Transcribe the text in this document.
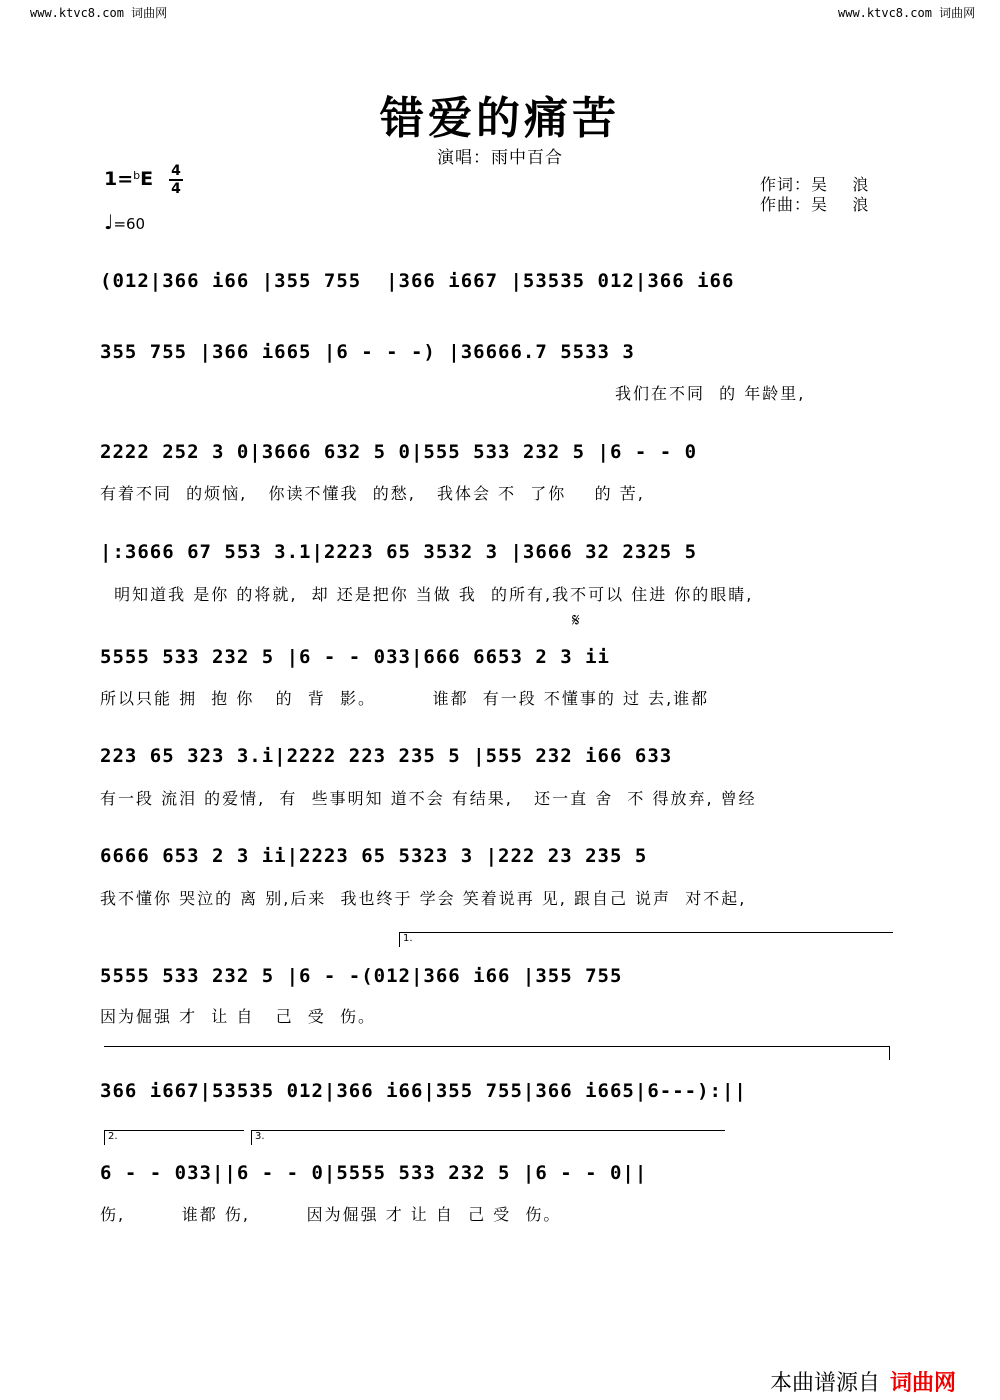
www.ktvc8.com 词曲网	www.ktvc8.com 词曲网
错爱的痛苦
演唱：雨中百合
作词：吴    浪
作曲：吴    浪
1=$^b$E 4
4
♩=60
(012|366 i66 |355 755  |366 i667 |53535 012|366 i66
355 755 |366 i665 |6 - - -) |36666.7 5533 3
我们在不同  的 年龄里,
2222 252 3 0|3666 632 5 0|555 533 232 5 |6 - - 0
有着不同  的烦恼,   你读不懂我  的愁,   我体会 不  了你    的 苦,
|:3666 67 553 3.1|2223 65 3532 3 |3666 32 2325 5
明知道我 是你 的将就,  却 还是把你 当做 我  的所有,我不可以 住进 你的眼睛,
𝄋
5555 533 232 5 |6 - - 033|666 6653 2 3 ii
所以只能 拥  抱 你   的  背  影。        谁都  有一段 不懂事的 过 去,谁都
223 65 323 3.i|2222 223 235 5 |555 232 i66 633
有一段 流泪 的爱情,  有  些事明知 道不会 有结果,   还一直 舍  不 得放弃, 曾经
6666 653 2 3 ii|2223 65 5323 3 |222 23 235 5
我不懂你 哭泣的 离 别,后来  我也终于 学会 笑着说再 见, 跟自己 说声  对不起,
1.
5555 533 232 5 |6 - -(012|366 i66 |355 755
因为倔强 才  让 自   己  受  伤。
366 i667|53535 012|366 i66|355 755|366 i665|6---):||
2.	3.
6 - - 033||6 - - 0|5555 533 232 5 |6 - - 0||
伤,        谁都 伤,        因为倔强 才 让 自  己 受  伤。
本曲谱源自 词曲网
